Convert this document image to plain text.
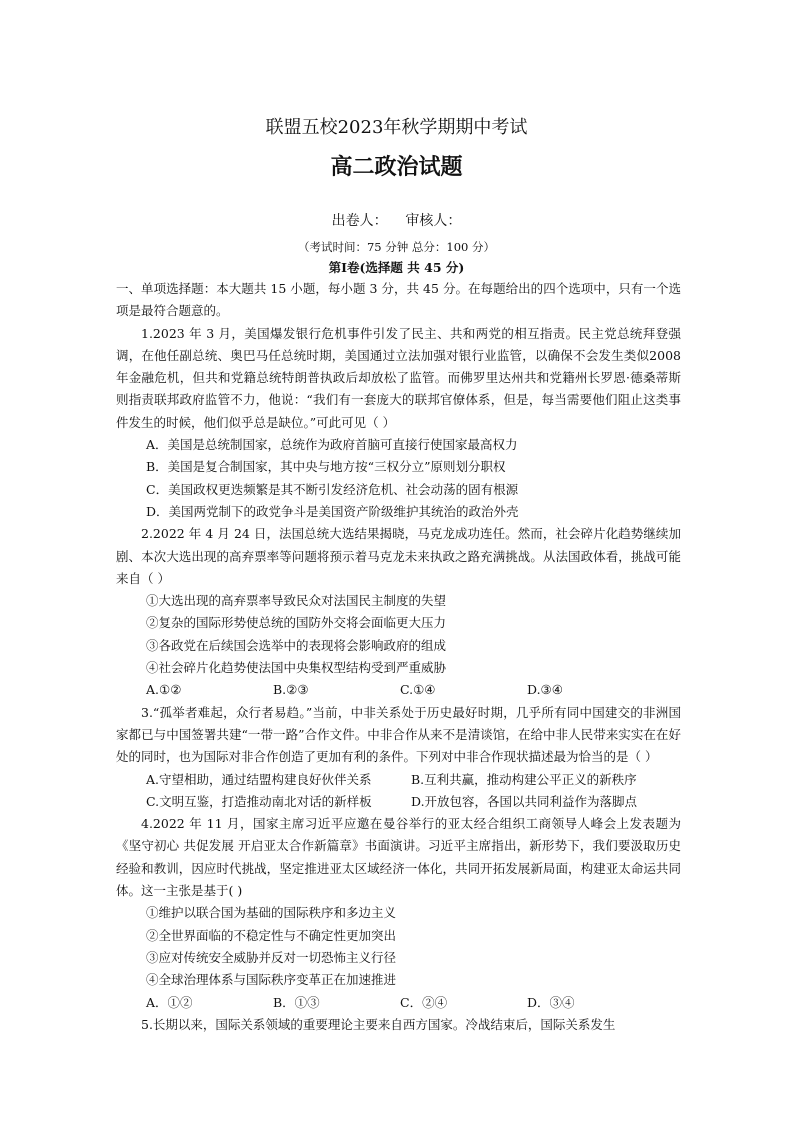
联盟五校2023年秋学期期中考试
高二政治试题
出卷人： 审核人：
（考试时间：75 分钟 总分：100 分）
第Ⅰ卷(选择题 共 45 分)

一、单项选择题：本大题共 15 小题，每小题 3 分，共 45 分。在每题给出的四个选项中，只有一个选项是最符合题意的。

1.2023 年 3 月，美国爆发银行危机事件引发了民主、共和两党的相互指责。民主党总统拜登强调，在他任副总统、奥巴马任总统时期，美国通过立法加强对银行业监管，以确保不会发生类似2008 年金融危机，但共和党籍总统特朗普执政后却放松了监管。而佛罗里达州共和党籍州长罗恩·德桑蒂斯则指责联邦政府监管不力，他说：“我们有一套庞大的联邦官僚体系，但是，每当需要他们阻止这类事件发生的时候，他们似乎总是缺位。”可此可见（ ）

A．美国是总统制国家，总统作为政府首脑可直接行使国家最高权力

B．美国是复合制国家，其中央与地方按“三权分立”原则划分职权

C．美国政权更迭频繁是其不断引发经济危机、社会动荡的固有根源

D．美国两党制下的政党争斗是美国资产阶级维护其统治的政治外壳

2.2022 年 4 月 24 日，法国总统大选结果揭晓，马克龙成功连任。然而，社会碎片化趋势继续加剧、本次大选出现的高弃票率等问题将预示着马克龙未来执政之路充满挑战。从法国政体看，挑战可能来自（ ）

①大选出现的高弃票率导致民众对法国民主制度的失望

②复杂的国际形势使总统的国防外交将会面临更大压力

③各政党在后续国会选举中的表现将会影响政府的组成

④社会碎片化趋势使法国中央集权型结构受到严重威胁

A.①②	B.②③	C.①④	D.③④

3.“孤举者难起，众行者易趋。”当前，中非关系处于历史最好时期，几乎所有同中国建交的非洲国家都已与中国签署共建“一带一路”合作文件。中非合作从来不是清谈馆，在给中非人民带来实实在在好处的同时，也为国际对非合作创造了更加有利的条件。下列对中非合作现状描述最为恰当的是（ ）

A.守望相助，通过结盟构建良好伙伴关系	B.互利共赢，推动构建公平正义的新秩序
C.文明互鉴，打造推动南北对话的新样板	D.开放包容，各国以共同利益作为落脚点

4.2022 年 11 月，国家主席习近平应邀在曼谷举行的亚太经合组织工商领导人峰会上发表题为《坚守初心 共促发展 开启亚太合作新篇章》书面演讲。习近平主席指出，新形势下，我们要汲取历史经验和教训，因应时代挑战，坚定推进亚太区域经济一体化，共同开拓发展新局面，构建亚太命运共同体。这一主张是基于( )

①维护以联合国为基础的国际秩序和多边主义

②全世界面临的不稳定性与不确定性更加突出

③应对传统安全威胁并反对一切恐怖主义行径

④全球治理体系与国际秩序变革正在加速推进

A．①②	B．①③	C．②④	D．③④

5.长期以来，国际关系领域的重要理论主要来自西方国家。冷战结束后，国际关系发生
